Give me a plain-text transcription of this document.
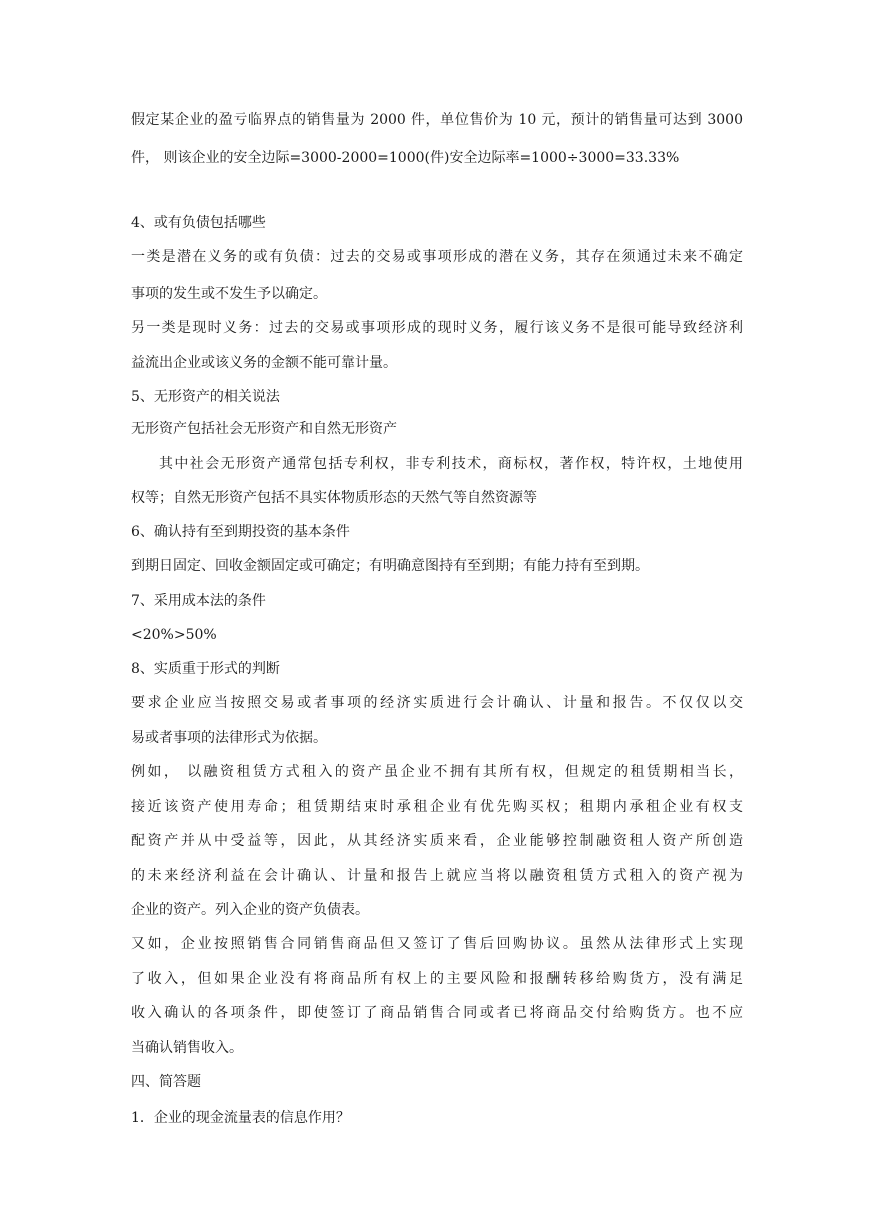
假定某企业的盈亏临界点的销售量为 2000 件，单位售价为 10 元，预计的销售量可达到 3000
件， 则该企业的安全边际=3000-2000=1000(件)安全边际率=1000÷3000=33.33%
4、或有负债包括哪些
一类是潜在义务的或有负债：过去的交易或事项形成的潜在义务，其存在须通过未来不确定
事项的发生或不发生予以确定。
另一类是现时义务：过去的交易或事项形成的现时义务，履行该义务不是很可能导致经济利
益流出企业或该义务的金额不能可靠计量。
5、无形资产的相关说法
无形资产包括社会无形资产和自然无形资产
其中社会无形资产通常包括专利权，非专利技术，商标权，著作权，特许权，土地使用
权等；自然无形资产包括不具实体物质形态的天然气等自然资源等
6、确认持有至到期投资的基本条件
到期日固定、回收金额固定或可确定；有明确意图持有至到期；有能力持有至到期。
7、采用成本法的条件
<20%>50%
8、实质重于形式的判断
要求企业应当按照交易或者事项的经济实质进行会计确认、计量和报告。不仅仅以交
易或者事项的法律形式为依据。
例如， 以融资租赁方式租入的资产虽企业不拥有其所有权，但规定的租赁期相当长，
接近该资产使用寿命；租赁期结束时承租企业有优先购买权；租期内承租企业有权支
配资产并从中受益等，因此，从其经济实质来看，企业能够控制融资租人资产所创造
的未来经济利益在会计确认、计量和报告上就应当将以融资租赁方式租入的资产视为
企业的资产。列入企业的资产负债表。
又如，企业按照销售合同销售商品但又签订了售后回购协议。虽然从法律形式上实现
了收入，但如果企业没有将商品所有权上的主要风险和报酬转移给购货方，没有满足
收入确认的各项条件，即使签订了商品销售合同或者已将商品交付给购货方。也不应
当确认销售收入。
四、简答题
1．企业的现金流量表的信息作用？
